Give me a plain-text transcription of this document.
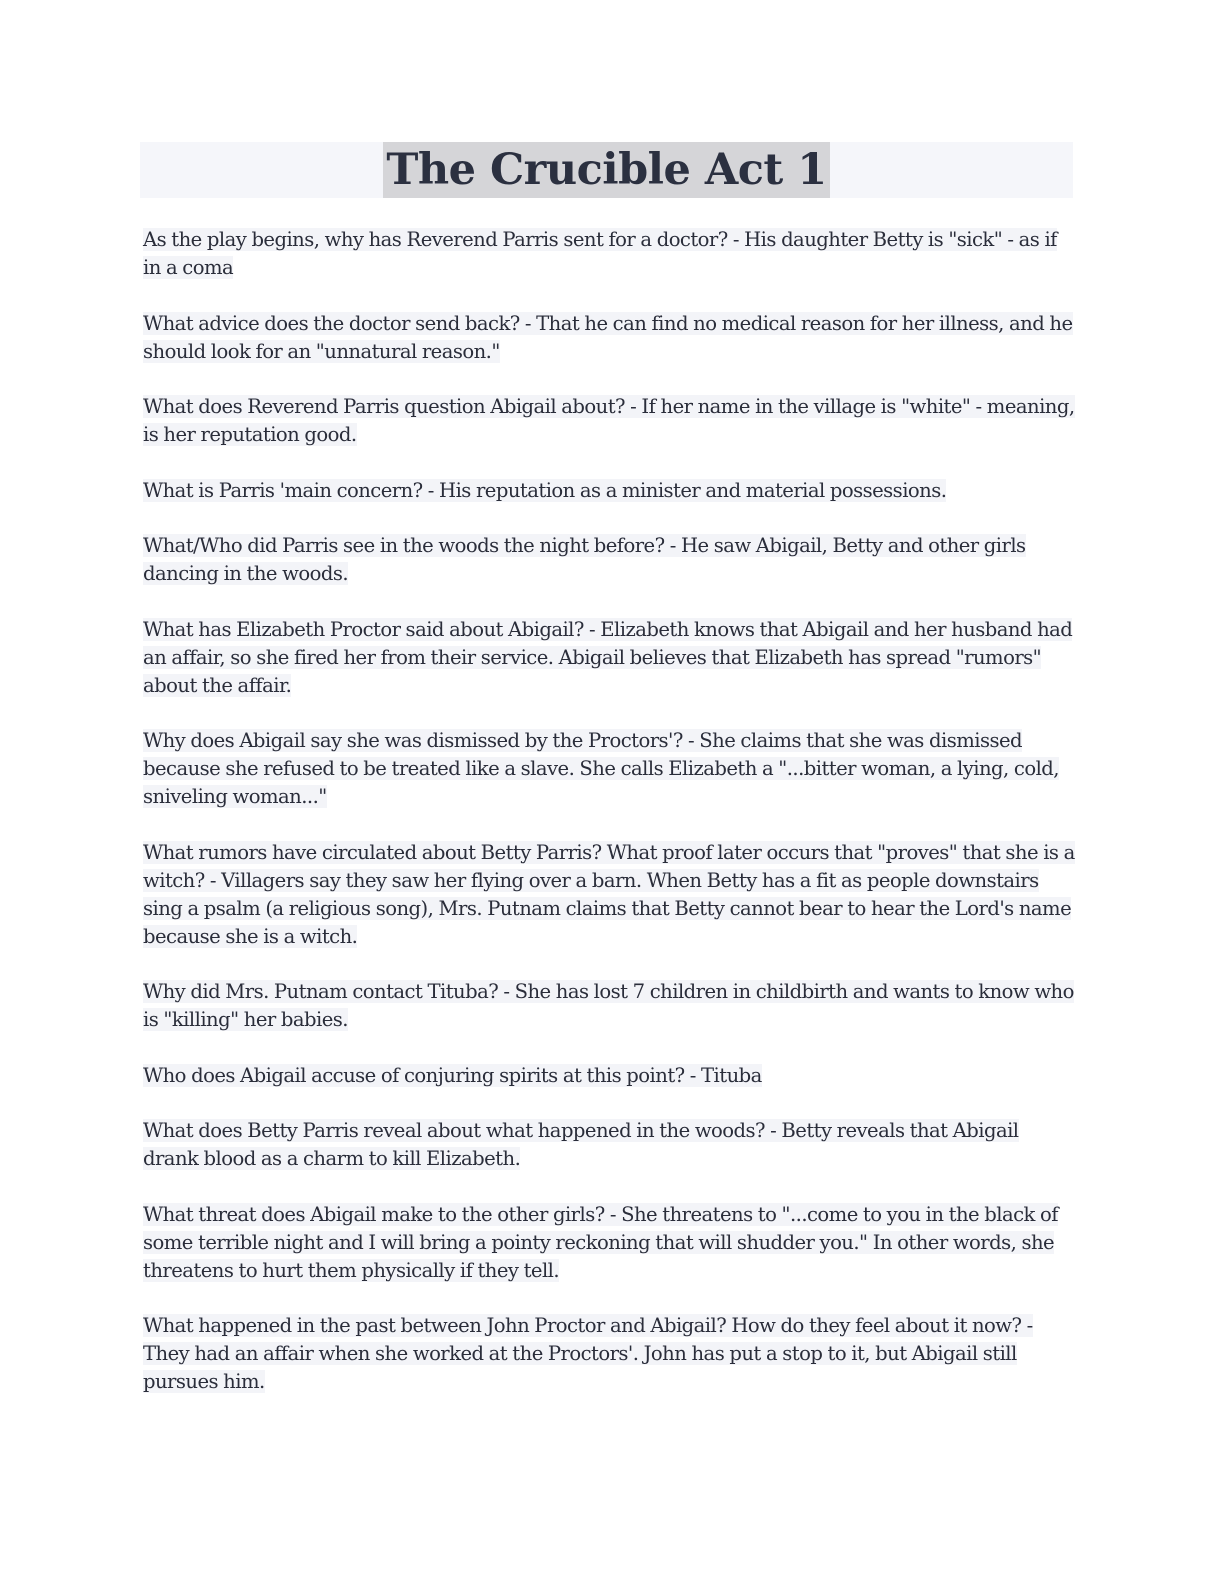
The Crucible Act 1

As the play begins, why has Reverend Parris sent for a doctor? - His daughter Betty is "sick" - as if in a coma

What advice does the doctor send back? - That he can find no medical reason for her illness, and he should look for an "unnatural reason."

What does Reverend Parris question Abigail about? - If her name in the village is "white" - meaning, is her reputation good.

What is Parris 'main concern? - His reputation as a minister and material possessions.

What/Who did Parris see in the woods the night before? - He saw Abigail, Betty and other girls dancing in the woods.

What has Elizabeth Proctor said about Abigail? - Elizabeth knows that Abigail and her husband had an affair, so she fired her from their service. Abigail believes that Elizabeth has spread "rumors" about the affair.

Why does Abigail say she was dismissed by the Proctors'? - She claims that she was dismissed because she refused to be treated like a slave. She calls Elizabeth a "...bitter woman, a lying, cold, sniveling woman..."

What rumors have circulated about Betty Parris? What proof later occurs that "proves" that she is a witch? - Villagers say they saw her flying over a barn. When Betty has a fit as people downstairs sing a psalm (a religious song), Mrs. Putnam claims that Betty cannot bear to hear the Lord's name because she is a witch.

Why did Mrs. Putnam contact Tituba? - She has lost 7 children in childbirth and wants to know who is "killing" her babies.

Who does Abigail accuse of conjuring spirits at this point? - Tituba

What does Betty Parris reveal about what happened in the woods? - Betty reveals that Abigail drank blood as a charm to kill Elizabeth.

What threat does Abigail make to the other girls? - She threatens to "...come to you in the black of some terrible night and I will bring a pointy reckoning that will shudder you." In other words, she threatens to hurt them physically if they tell.

What happened in the past between John Proctor and Abigail? How do they feel about it now? - They had an affair when she worked at the Proctors'. John has put a stop to it, but Abigail still pursues him.
